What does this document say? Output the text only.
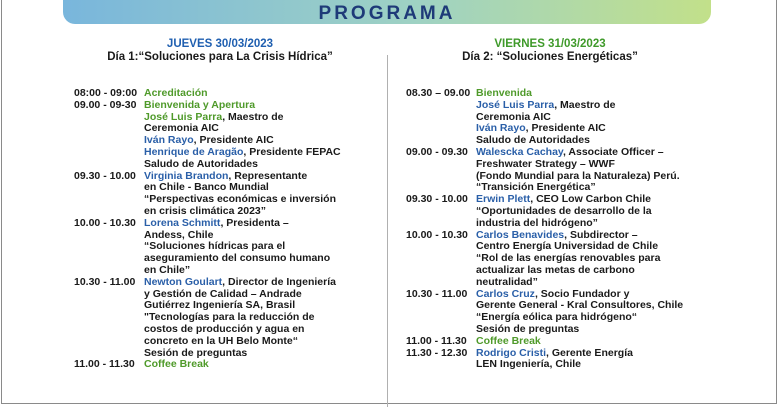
PROGRAMA
JUEVES 30/03/2023
Día 1:“Soluciones para La Crisis Hídrica”
VIERNES 31/03/2023
Día 2: “Soluciones Energéticas”
08:00 - 09:00 Acreditación
09.00 - 09-30 Bienvenida y Apertura
José Luis Parra, Maestro de
Ceremonia AIC
Iván Rayo, Presidente AIC
Henrique de Aragão, Presidente FEPAC
Saludo de Autoridades
09.30 - 10.00 Virginia Brandon, Representante
en Chile - Banco Mundial
“Perspectivas económicas e inversión
en crisis climática 2023”
10.00 - 10.30 Lorena Schmitt, Presidenta –
Andess, Chile
“Soluciones hídricas para el
aseguramiento del consumo humano
en Chile”
10.30 - 11.00 Newton Goulart, Director de Ingeniería
y Gestión de Calidad – Andrade
Gutiérrez Ingeniería SA, Brasil
"Tecnologías para la reducción de
costos de producción y agua en
concreto en la UH Belo Monte“
Sesión de preguntas
11.00 - 11.30 Coffee Break
08.30 – 09.00 Bienvenida
José Luis Parra, Maestro de
Ceremonia AIC
Iván Rayo, Presidente AIC
Saludo de Autoridades
09.00 - 09.30 Walescka Cachay, Associate Officer –
Freshwater Strategy – WWF
(Fondo Mundial para la Naturaleza) Perú.
“Transición Energética”
09.30 - 10.00 Erwin Plett, CEO Low Carbon Chile
“Oportunidades de desarrollo de la
industria del hidrógeno”
10.00 - 10.30 Carlos Benavides, Subdirector –
Centro Energía Universidad de Chile
“Rol de las energías renovables para
actualizar las metas de carbono
neutralidad”
10.30 - 11.00 Carlos Cruz, Socio Fundador y
Gerente General - Kral Consultores, Chile
“Energía eólica para hidrógeno“
Sesión de preguntas
11.00 - 11.30 Coffee Break
11.30 - 12.30 Rodrigo Cristi, Gerente Energía
LEN Ingeniería, Chile
